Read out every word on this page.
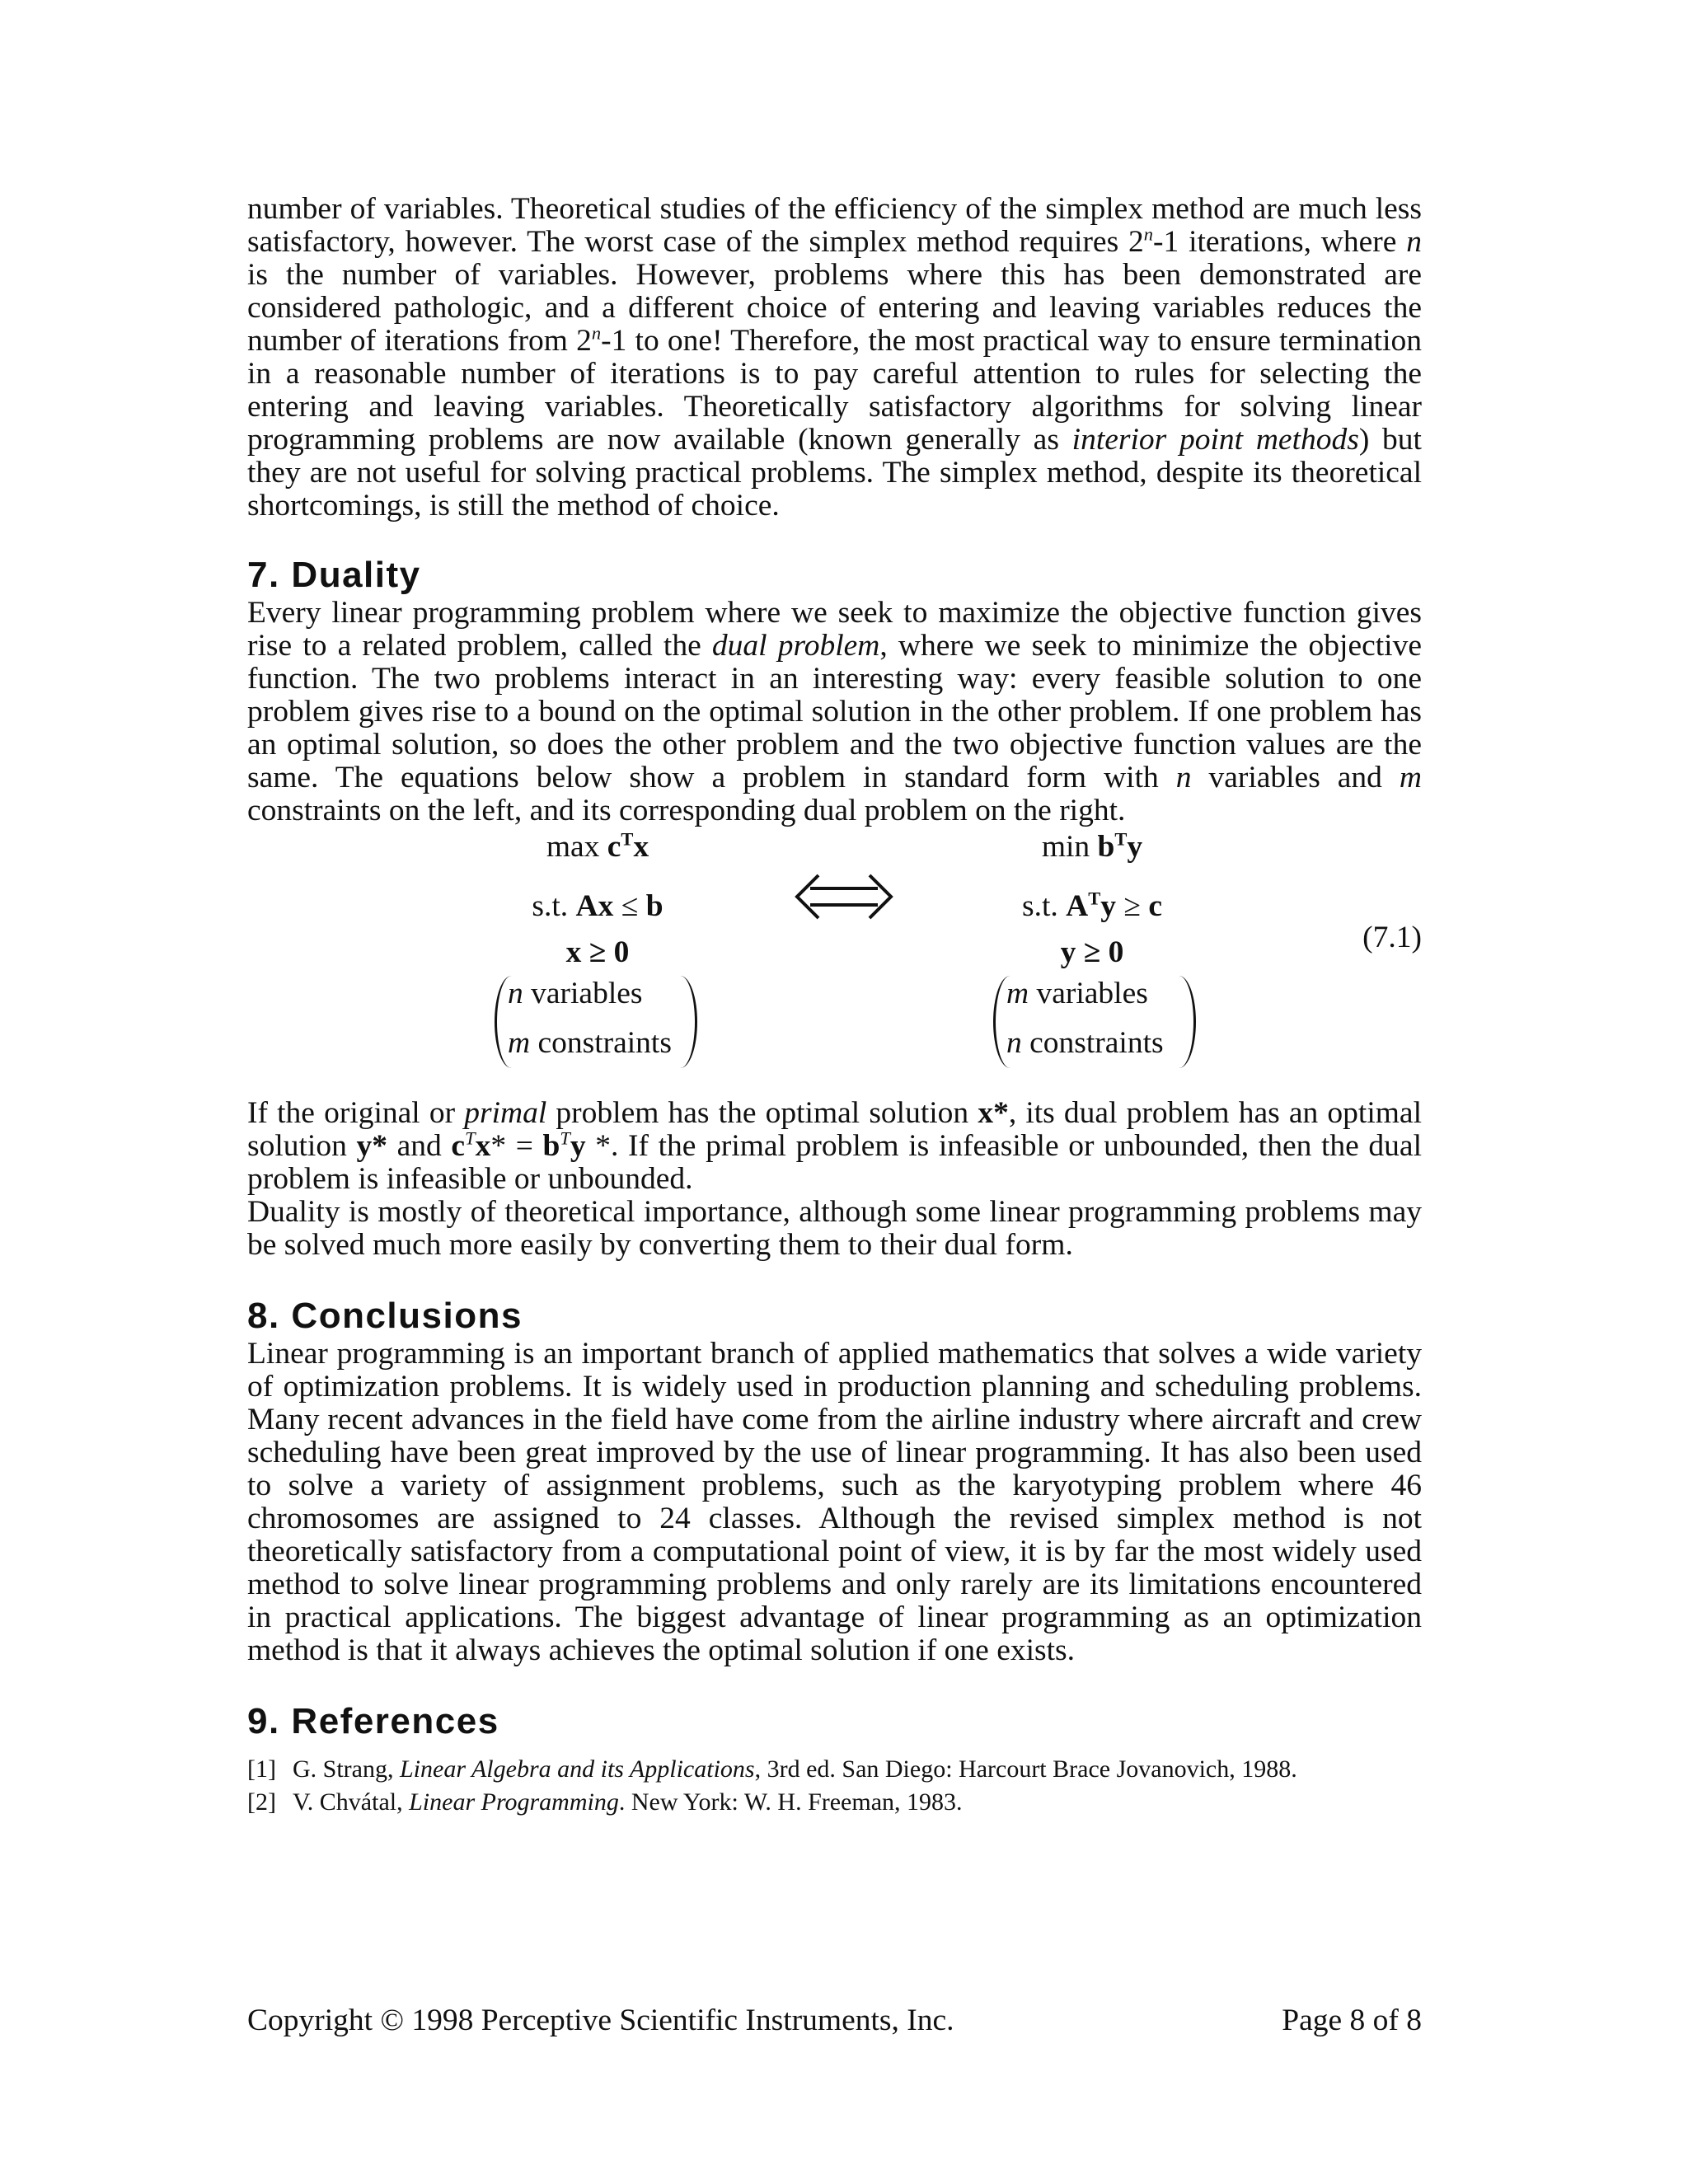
number of variables. Theoretical studies of the efficiency of the simplex method are much less satisfactory, however. The worst case of the simplex method requires 2$^n$-1 iterations, where n is the number of variables. However, problems where this has been demonstrated are considered pathologic, and a different choice of entering and leaving variables reduces the number of iterations from 2$^n$-1 to one! Therefore, the most practical way to ensure termination in a reasonable number of iterations is to pay careful attention to rules for selecting the entering and leaving variables. Theoretically satisfactory algorithms for solving linear programming problems are now available (known generally as interior point methods) but they are not useful for solving practical problems. The simplex method, despite its theoretical shortcomings, is still the method of choice.

7. Duality

Every linear programming problem where we seek to maximize the objective function gives rise to a related problem, called the dual problem, where we seek to minimize the objective function. The two problems interact in an interesting way: every feasible solution to one problem gives rise to a bound on the optimal solution in the other problem. If one problem has an optimal solution, so does the other problem and the two objective function values are the same. The equations below show a problem in standard form with n variables and m constraints on the left, and its corresponding dual problem on the right.

$\max c^Tx$
s.t. Ax ≤ b
x ≥ 0
n variables
m constraints
$\min b^Ty$
s.t. $A^Ty \ge c$
y ≥ 0
m variables
n constraints
(7.1)

If the original or primal problem has the optimal solution x*, its dual problem has an optimal solution y* and $c^Tx* = b^Ty$ *. If the primal problem is infeasible or unbounded, then the dual problem is infeasible or unbounded.

Duality is mostly of theoretical importance, although some linear programming problems may be solved much more easily by converting them to their dual form.

8. Conclusions

Linear programming is an important branch of applied mathematics that solves a wide variety of optimization problems. It is widely used in production planning and scheduling problems. Many recent advances in the field have come from the airline industry where aircraft and crew scheduling have been great improved by the use of linear programming. It has also been used to solve a variety of assignment problems, such as the karyotyping problem where 46 chromosomes are assigned to 24 classes. Although the revised simplex method is not theoretically satisfactory from a computational point of view, it is by far the most widely used method to solve linear programming problems and only rarely are its limitations encountered in practical applications. The biggest advantage of linear programming as an optimization method is that it always achieves the optimal solution if one exists.

9. References
[1] G. Strang, Linear Algebra and its Applications, 3rd ed. San Diego: Harcourt Brace Jovanovich, 1988.
[2] V. Chvátal, Linear Programming. New York: W. H. Freeman, 1983.
Copyright © 1998 Perceptive Scientific Instruments, Inc.	Page 8 of 8
